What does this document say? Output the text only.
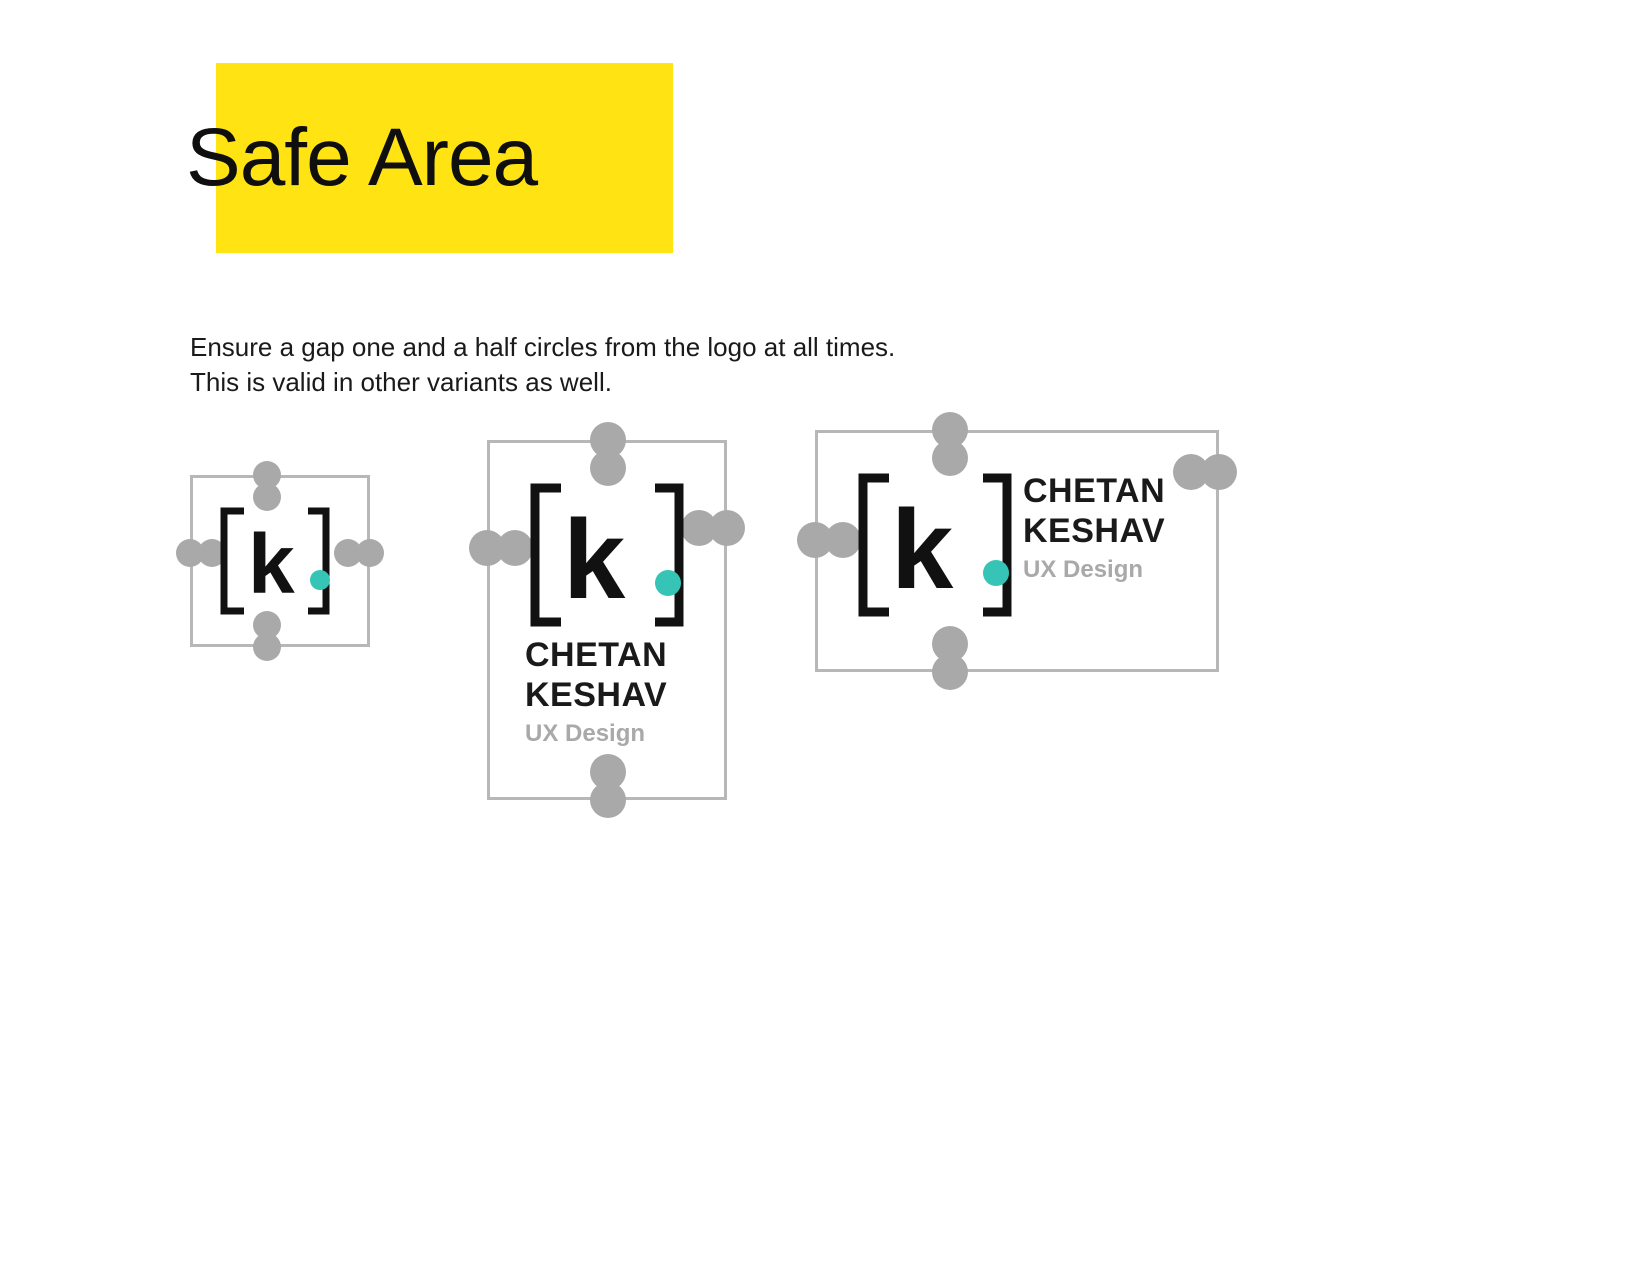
Safe Area
Ensure a gap one and a half circles from the logo at all times. This is valid in other variants as well.
k k
CHETAN
KESHAV
UX Design
k CHETAN
KESHAV
UX Design
